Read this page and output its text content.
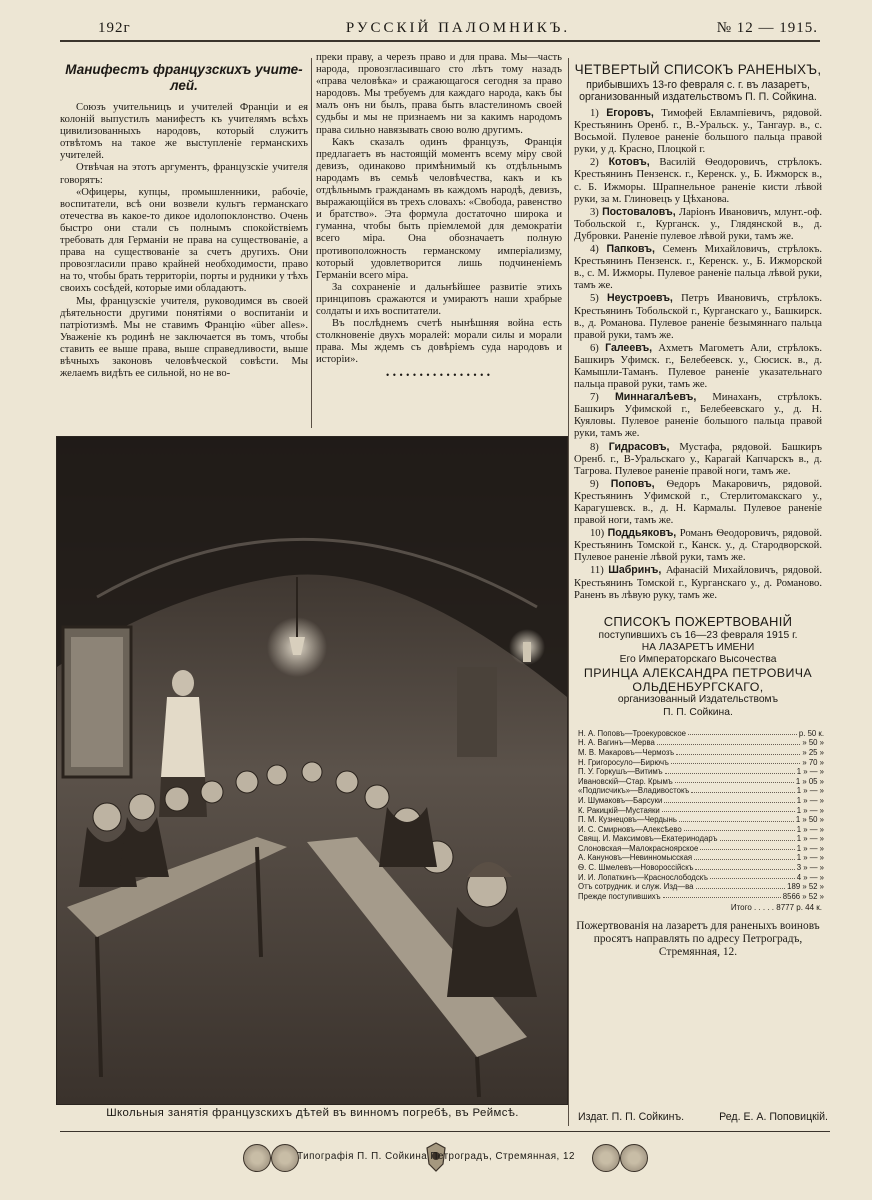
192г	РУССКІЙ ПАЛОМНИКЪ.	№ 12 — 1915.
Манифестъ французскихъ учите-лей.

Союзъ учительницъ и учителей Франціи и ея колоній выпустилъ манифестъ къ учителямъ всѣхъ цивилизованныхъ народовъ, который служитъ отвѣтомъ на такое же выступленіе германскихъ учителей.

Отвѣчая на этотъ аргументъ, французскіе учителя говорятъ:

«Офицеры, купцы, промышленники, рабочіе, воспитатели, всѣ они возвели культъ германскаго отечества въ какое-то дикое идолопоклонство. Очень быстро они стали съ полнымъ спокойствіемъ требовать для Германіи не права на существованіе, а права на существованіе за счетъ другихъ. Они провозгласили право крайней необходимости, право на то, чтобы брать территоріи, порты и рудники у тѣхъ своихъ сосѣдей, которые ими обладаютъ.

Мы, французскіе учителя, руководимся въ своей дѣятельности другими понятіями о воспитаніи и патріотизмѣ. Мы не ставимъ Францію «über alles». Уваженіе къ родинѣ не заключается въ томъ, чтобы ставить ее выше права, выше справедливости, выше вѣчныхъ законовъ человѣческой совѣсти. Мы желаемъ видѣть ее сильной, но не во-

преки праву, а черезъ право и для права. Мы—часть народа, провозгласившаго сто лѣтъ тому назадъ «права человѣка» и сражающагося сегодня за право народовъ. Мы требуемъ для каждаго народа, какъ бы малъ онъ ни былъ, права быть властелиномъ своей судьбы и мы не признаемъ ни за какимъ народомъ права сильно навязывать свою волю другимъ.

Какъ сказалъ одинъ французъ, Франція предлагаетъ въ настоящій моментъ всему міру свой девизъ, одинаково примѣнимый къ отдѣльнымъ народамъ въ семьѣ человѣчества, какъ и къ отдѣльнымъ гражданамъ въ каждомъ народѣ, девизъ, выражающійся въ трехъ словахъ: «Свобода, равенство и братство». Эта формула достаточно широка и гуманна, чтобы быть пріемлемой для демократіи всего міра. Она обозначаетъ полную противоположность германскому имперіализму, который удовлетворится лишь подчиненіемъ Германіи всего міра.

За сохраненіе и дальнѣйшее развитіе этихъ принциповъ сражаются и умираютъ наши храбрые солдаты и ихъ воспитатели.

Въ послѣднемъ счетѣ нынѣшняя война есть столкновеніе двухъ моралей: морали силы и морали права. Мы ждемъ съ довѣріемъ суда народовъ и исторіи».

••••••••••••••••
ЧЕТВЕРТЫЙ СПИСОКЪ РАНЕНЫХЪ,
прибывшихъ 13-го февраля с. г. въ лазаретъ, организованный издательствомъ П. П. Сойкина.

1) Егоровъ, Тимофей Евлампіевичъ, рядовой. Крестьянинъ Оренб. г., В.-Уральск. у., Тангаур. в., с. Восьмой. Пулевое раненіе большого пальца правой руки, у д. Красно, Плоцкой г.

2) Котовъ, Василій Ѳеодоровичъ, стрѣлокъ. Крестьянинъ Пензенск. г., Керенск. у., Б. Ижморск в., с. Б. Ижморы. Шрапнельное раненіе кисти лѣвой руки, за м. Глиновецъ у Цѣханова.

3) Постоваловъ, Ларіонъ Ивановичъ, млунт.-оф. Тобольской г., Курганск. у., Глядянской в., д. Дубровки. Раненіе пулевое лѣвой руки, тамъ же.

4) Папковъ, Семенъ Михайловичъ, стрѣлокъ. Крестьянинъ Пензенск. г., Керенск. у., Б. Ижморской в., с. М. Ижморы. Пулевое раненіе пальца лѣвой руки, тамъ же.

5) Неустроевъ, Петръ Ивановичъ, стрѣлокъ. Крестьянинъ Тобольской г., Курганскаго у., Башкирск. в., д. Романова. Пулевое раненіе безымяннаго пальца правой руки, тамъ же.

6) Галеевъ, Ахметъ Магометъ Али, стрѣлокъ. Башкиръ Уфимск. г., Белебеевск. у., Сюсиск. в., д. Камышли-Таманъ. Пулевое раненіе указательнаго пальца правой руки, тамъ же.

7) Миннагалѣевъ, Минаханъ, стрѣлокъ. Башкиръ Уфимской г., Белебеевскаго у., д. Н. Куяловы. Пулевое раненіе большого пальца правой руки, тамъ же.

8) Гидрасовъ, Мустафа, рядовой. Башкиръ Оренб. г., В-Уральскаго у., Карагай Капчарскъ в., д. Тагрова. Пулевое раненіе правой ноги, тамъ же.

9) Поповъ, Ѳедоръ Макаровичъ, рядовой. Крестьянинъ Уфимской г., Стерлитомакскаго у., Карагушевск. в., д. Н. Кармалы. Пулевое раненіе правой ноги, тамъ же.

10) Поддьяковъ, Романъ Ѳеодоровичъ, рядовой. Крестьянинъ Томской г., Канск. у., д. Стародворской. Пулевое раненіе лѣвой руки, тамъ же.

11) Шабринъ, Афанасій Михайловичъ, рядовой. Крестьянинъ Томской г., Курганскаго у., д. Романово. Раненъ въ лѣвую руку, тамъ же.

СПИСОКЪ ПОЖЕРТВОВАНІЙ
поступившихъ съ 16—23 февраля 1915 г.
НА ЛАЗАРЕТЪ ИМЕНИ
Его Императорскаго Высочества
ПРИНЦА АЛЕКСАНДРА ПЕТРОВИЧА
ОЛЬДЕНБУРГСКАГО,
организованный Издательствомъ
П. П. Сойкина.
Н. А. Поповъ—Троекуровское	р. 50 к.
Н. А. Вагинъ—Мерва	» 50 »
М. В. Макаровъ—Чермозъ	» 25 »
Н. Григоросуло—Бирючъ	» 70 »
П. У. Горкушъ—Витимъ	1 » — »
Ивановскій—Стар. Крымъ	1 » 05 »
«Подписчикъ»—Владивостокъ	1 » — »
И. Шумаковъ—Барсуки	1 » — »
К. Ракицкій—Мустаяки	1 » — »
П. М. Кузнецовъ—Чердынь	1 » 50 »
И. С. Смирновъ—Алексѣево	1 » — »
Свящ. И. Максимовъ—Екатеринодаръ	1 » — »
Слоновская—Малокрасноярское	1 » — »
А. Кануновъ—Невинномысская	1 » — »
Ѳ. С. Шмелевъ—Новороссійскъ	3 » — »
И. И. Лопаткинъ—Краснослободскъ	4 » — »
Отъ сотрудник. и служ. Изд—ва	189 » 52 »
Прежде поступившихъ	8566 » 52 »
Итого . . . . . 8777 р. 44 к.
Пожертвованія на лазаретъ для раненыхъ воиновъ просятъ направлять по адресу Петроградъ, Стремянная, 12.
Школьныя занятія французскихъ дѣтей въ винномъ погребѣ, въ Реймсѣ.	Издат. П. П. Сойкинъ.	Ред. Е. А. Поповицкій.
Типографія П. П. Сойкина Петроградъ, Стремянная, 12
